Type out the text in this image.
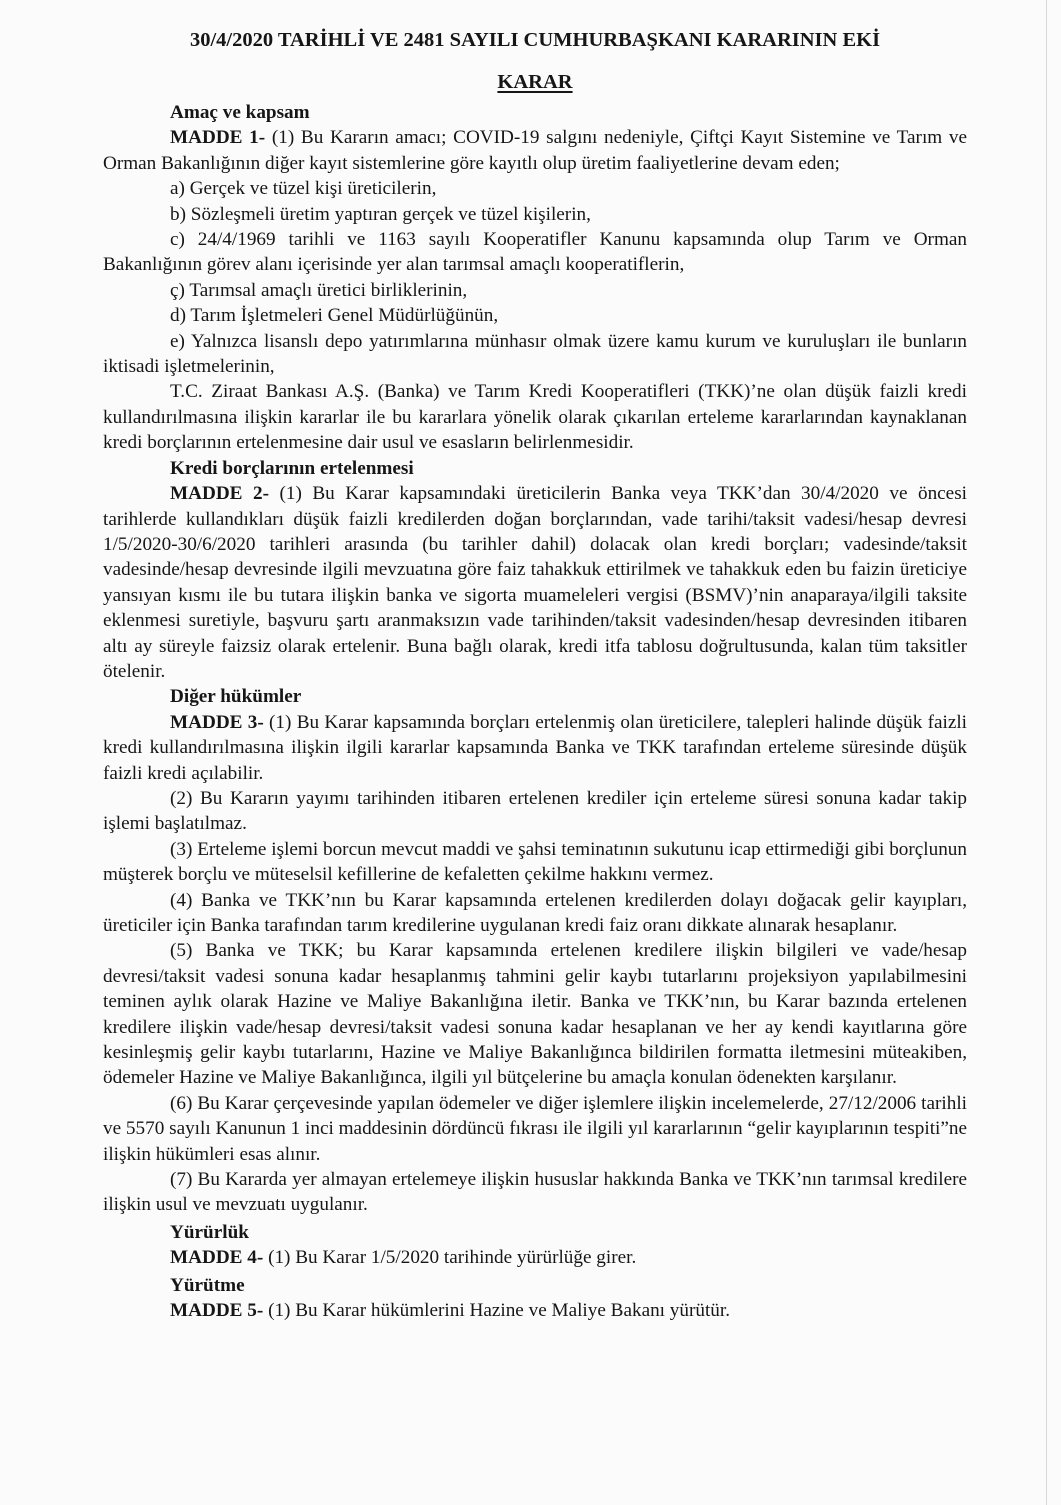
30/4/2020 TARİHLİ VE 2481 SAYILI CUMHURBAŞKANI KARARININ EKİ
KARAR
Amaç ve kapsam

MADDE 1- (1) Bu Kararın amacı; COVID-19 salgını nedeniyle, Çiftçi Kayıt Sistemine ve Tarım ve Orman Bakanlığının diğer kayıt sistemlerine göre kayıtlı olup üretim faaliyetlerine devam eden;

a) Gerçek ve tüzel kişi üreticilerin,

b) Sözleşmeli üretim yaptıran gerçek ve tüzel kişilerin,

c) 24/4/1969 tarihli ve 1163 sayılı Kooperatifler Kanunu kapsamında olup Tarım ve Orman Bakanlığının görev alanı içerisinde yer alan tarımsal amaçlı kooperatiflerin,

ç) Tarımsal amaçlı üretici birliklerinin,

d) Tarım İşletmeleri Genel Müdürlüğünün,

e) Yalnızca lisanslı depo yatırımlarına münhasır olmak üzere kamu kurum ve kuruluşları ile bunların iktisadi işletmelerinin,

T.C. Ziraat Bankası A.Ş. (Banka) ve Tarım Kredi Kooperatifleri (TKK)’ne olan düşük faizli kredi kullandırılmasına ilişkin kararlar ile bu kararlara yönelik olarak çıkarılan erteleme kararlarından kaynaklanan kredi borçlarının ertelenmesine dair usul ve esasların belirlenmesidir.

Kredi borçlarının ertelenmesi

MADDE 2- (1) Bu Karar kapsamındaki üreticilerin Banka veya TKK’dan 30/4/2020 ve öncesi tarihlerde kullandıkları düşük faizli kredilerden doğan borçlarından, vade tarihi/taksit vadesi/hesap devresi 1/5/2020-30/6/2020 tarihleri arasında (bu tarihler dahil) dolacak olan kredi borçları; vadesinde/taksit vadesinde/hesap devresinde ilgili mevzuatına göre faiz tahakkuk ettirilmek ve tahakkuk eden bu faizin üreticiye yansıyan kısmı ile bu tutara ilişkin banka ve sigorta muameleleri vergisi (BSMV)’nin anaparaya/ilgili taksite eklenmesi suretiyle, başvuru şartı aranmaksızın vade tarihinden/taksit vadesinden/hesap devresinden itibaren altı ay süreyle faizsiz olarak ertelenir. Buna bağlı olarak, kredi itfa tablosu doğrultusunda, kalan tüm taksitler ötelenir.

Diğer hükümler

MADDE 3- (1) Bu Karar kapsamında borçları ertelenmiş olan üreticilere, talepleri halinde düşük faizli kredi kullandırılmasına ilişkin ilgili kararlar kapsamında Banka ve TKK tarafından erteleme süresinde düşük faizli kredi açılabilir.

(2) Bu Kararın yayımı tarihinden itibaren ertelenen krediler için erteleme süresi sonuna kadar takip işlemi başlatılmaz.

(3) Erteleme işlemi borcun mevcut maddi ve şahsi teminatının sukutunu icap ettirmediği gibi borçlunun müşterek borçlu ve müteselsil kefillerine de kefaletten çekilme hakkını vermez.

(4) Banka ve TKK’nın bu Karar kapsamında ertelenen kredilerden dolayı doğacak gelir kayıpları, üreticiler için Banka tarafından tarım kredilerine uygulanan kredi faiz oranı dikkate alınarak hesaplanır.

(5) Banka ve TKK; bu Karar kapsamında ertelenen kredilere ilişkin bilgileri ve vade/hesap devresi/taksit vadesi sonuna kadar hesaplanmış tahmini gelir kaybı tutarlarını projeksiyon yapılabilmesini teminen aylık olarak Hazine ve Maliye Bakanlığına iletir. Banka ve TKK’nın, bu Karar bazında ertelenen kredilere ilişkin vade/hesap devresi/taksit vadesi sonuna kadar hesaplanan ve her ay kendi kayıtlarına göre kesinleşmiş gelir kaybı tutarlarını, Hazine ve Maliye Bakanlığınca bildirilen formatta iletmesini müteakiben, ödemeler Hazine ve Maliye Bakanlığınca, ilgili yıl bütçelerine bu amaçla konulan ödenekten karşılanır.

(6) Bu Karar çerçevesinde yapılan ödemeler ve diğer işlemlere ilişkin incelemelerde, 27/12/2006 tarihli ve 5570 sayılı Kanunun 1 inci maddesinin dördüncü fıkrası ile ilgili yıl kararlarının “gelir kayıplarının tespiti”ne ilişkin hükümleri esas alınır.

(7) Bu Kararda yer almayan ertelemeye ilişkin hususlar hakkında Banka ve TKK’nın tarımsal kredilere ilişkin usul ve mevzuatı uygulanır.

Yürürlük

MADDE 4- (1) Bu Karar 1/5/2020 tarihinde yürürlüğe girer.

Yürütme

MADDE 5- (1) Bu Karar hükümlerini Hazine ve Maliye Bakanı yürütür.
